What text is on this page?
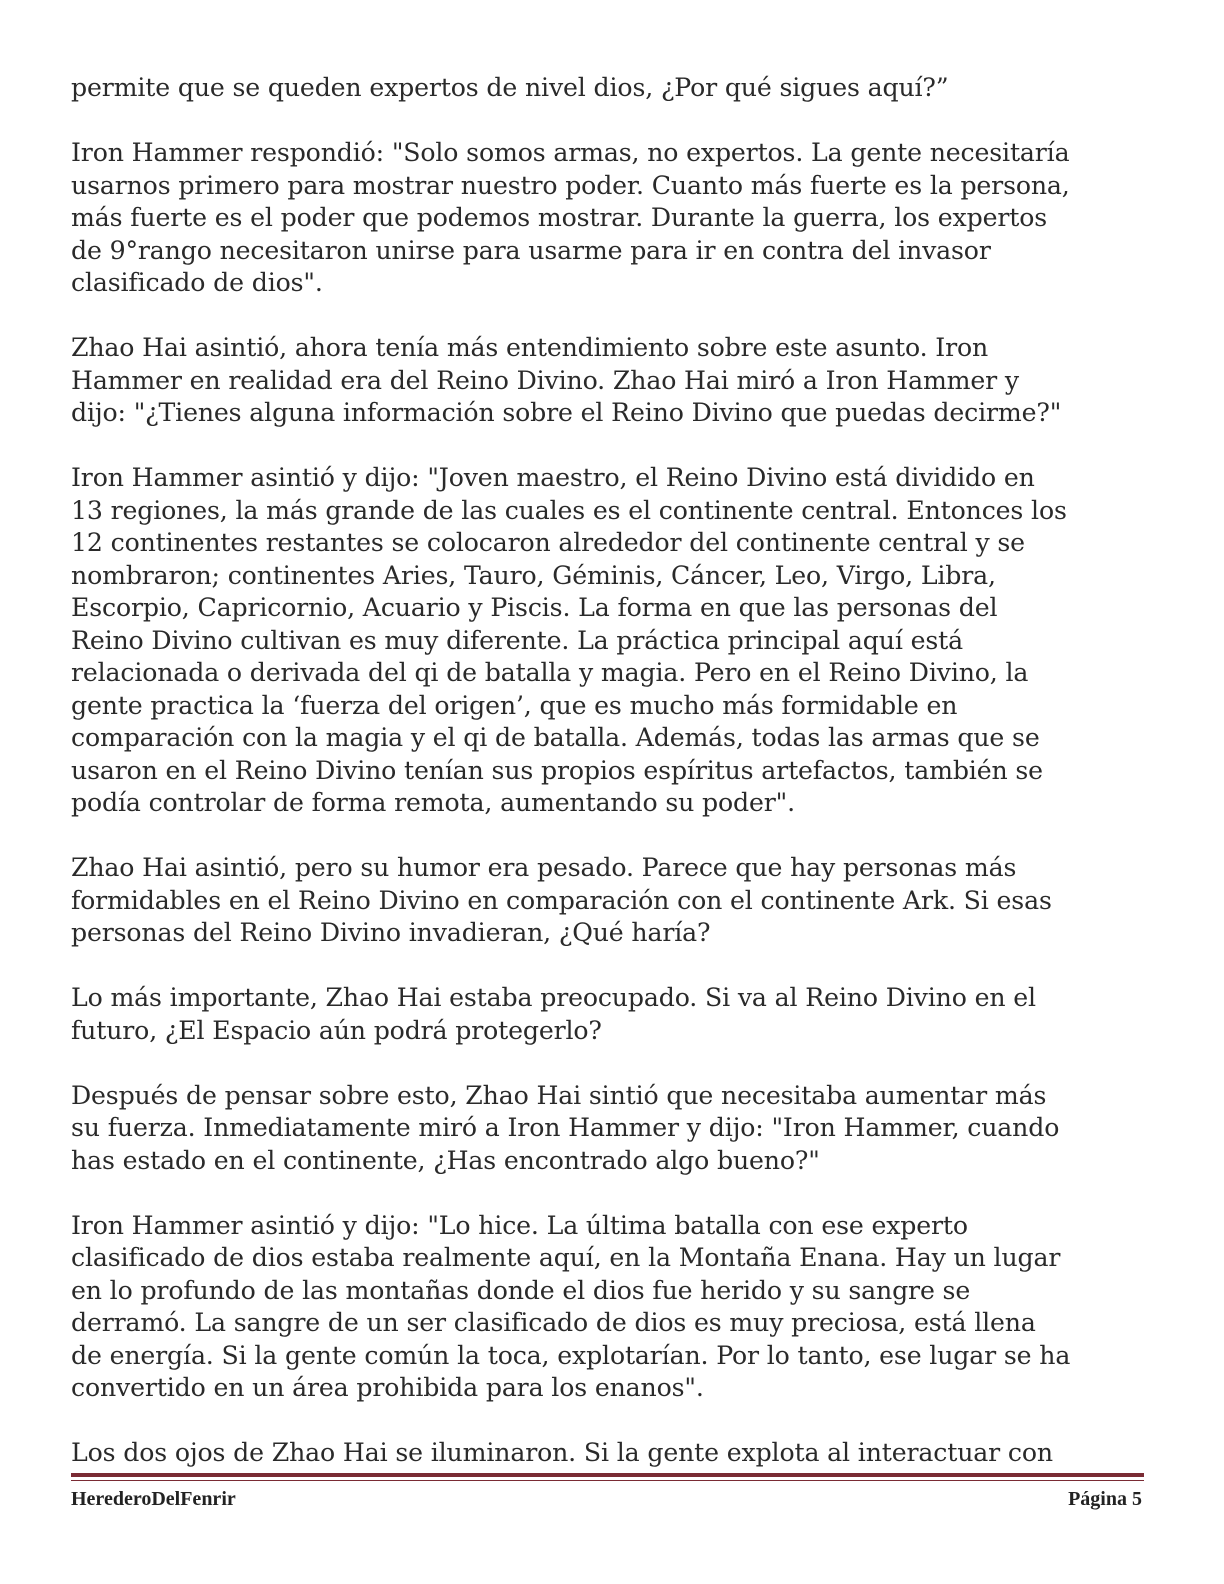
permite que se queden expertos de nivel dios, ¿Por qué sigues aquí?”

Iron Hammer respondió: "Solo somos armas, no expertos. La gente necesitaría
usarnos primero para mostrar nuestro poder. Cuanto más fuerte es la persona,
más fuerte es el poder que podemos mostrar. Durante la guerra, los expertos
de 9°rango necesitaron unirse para usarme para ir en contra del invasor
clasificado de dios".

Zhao Hai asintió, ahora tenía más entendimiento sobre este asunto. Iron
Hammer en realidad era del Reino Divino. Zhao Hai miró a Iron Hammer y
dijo: "¿Tienes alguna información sobre el Reino Divino que puedas decirme?"

Iron Hammer asintió y dijo: "Joven maestro, el Reino Divino está dividido en
13 regiones, la más grande de las cuales es el continente central. Entonces los
12 continentes restantes se colocaron alrededor del continente central y se
nombraron; continentes Aries, Tauro, Géminis, Cáncer, Leo, Virgo, Libra,
Escorpio, Capricornio, Acuario y Piscis. La forma en que las personas del
Reino Divino cultivan es muy diferente. La práctica principal aquí está
relacionada o derivada del qi de batalla y magia. Pero en el Reino Divino, la
gente practica la ‘fuerza del origen’, que es mucho más formidable en
comparación con la magia y el qi de batalla. Además, todas las armas que se
usaron en el Reino Divino tenían sus propios espíritus artefactos, también se
podía controlar de forma remota, aumentando su poder".

Zhao Hai asintió, pero su humor era pesado. Parece que hay personas más
formidables en el Reino Divino en comparación con el continente Ark. Si esas
personas del Reino Divino invadieran, ¿Qué haría?

Lo más importante, Zhao Hai estaba preocupado. Si va al Reino Divino en el
futuro, ¿El Espacio aún podrá protegerlo?

Después de pensar sobre esto, Zhao Hai sintió que necesitaba aumentar más
su fuerza. Inmediatamente miró a Iron Hammer y dijo: "Iron Hammer, cuando
has estado en el continente, ¿Has encontrado algo bueno?"

Iron Hammer asintió y dijo: "Lo hice. La última batalla con ese experto
clasificado de dios estaba realmente aquí, en la Montaña Enana. Hay un lugar
en lo profundo de las montañas donde el dios fue herido y su sangre se
derramó. La sangre de un ser clasificado de dios es muy preciosa, está llena
de energía. Si la gente común la toca, explotarían. Por lo tanto, ese lugar se ha
convertido en un área prohibida para los enanos".

Los dos ojos de Zhao Hai se iluminaron. Si la gente explota al interactuar con

HerederoDelFenrir	Página 5
